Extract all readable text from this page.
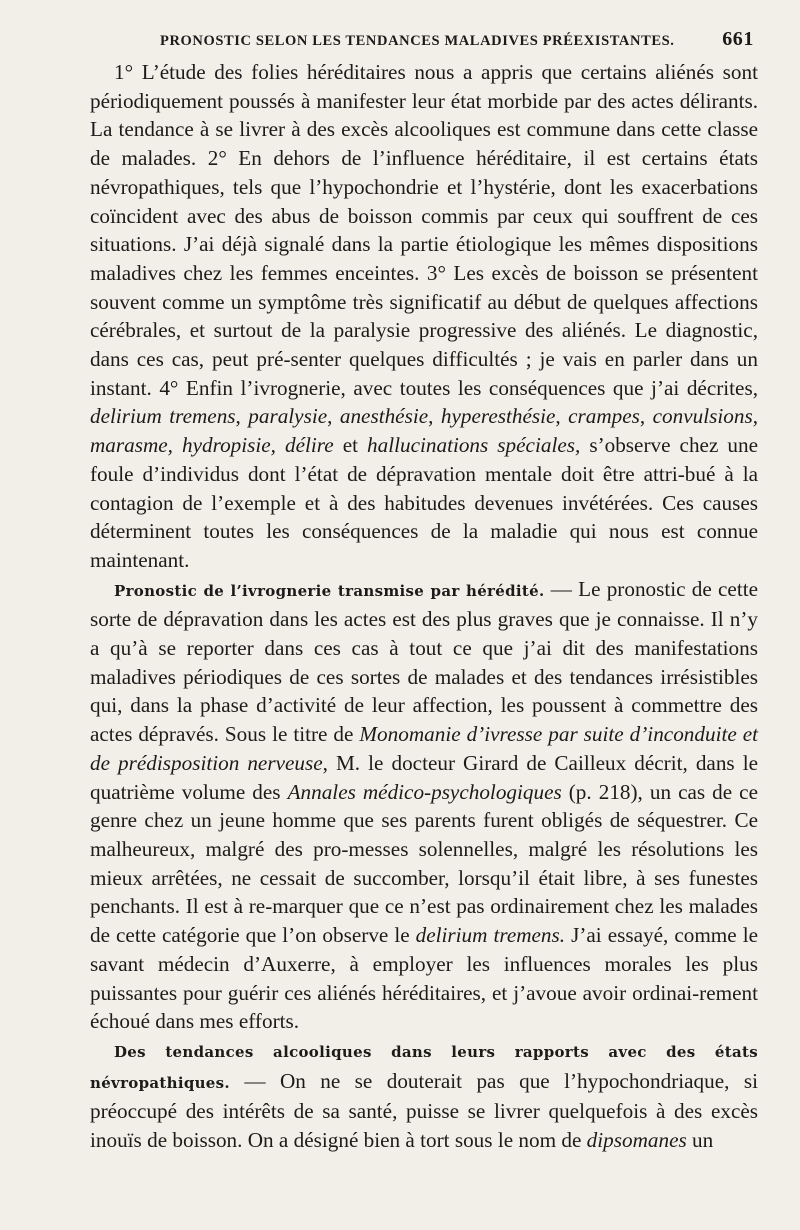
PRONOSTIC SELON LES TENDANCES MALADIVES PRÉEXISTANTES. 661

1° L’étude des folies héréditaires nous a appris que certains aliénés sont périodiquement poussés à manifester leur état morbide par des actes délirants. La tendance à se livrer à des excès alcooliques est commune dans cette classe de malades. 2° En dehors de l’influence héréditaire, il est certains états névropathiques, tels que l’hypochondrie et l’hystérie, dont les exacerbations coïncident avec des abus de boisson commis par ceux qui souffrent de ces situations. J’ai déjà signalé dans la partie étiologique les mêmes dispositions maladives chez les femmes enceintes. 3° Les excès de boisson se présentent souvent comme un symptôme très significatif au début de quelques affections cérébrales, et surtout de la paralysie progressive des aliénés. Le diagnostic, dans ces cas, peut pré-senter quelques difficultés ; je vais en parler dans un instant. 4° Enfin l’ivrognerie, avec toutes les conséquences que j’ai décrites, delirium tremens, paralysie, anesthésie, hyperesthésie, crampes, convulsions, marasme, hydropisie, délire et hallucinations spéciales, s’observe chez une foule d’individus dont l’état de dépravation mentale doit être attri-bué à la contagion de l’exemple et à des habitudes devenues invétérées. Ces causes déterminent toutes les conséquences de la maladie qui nous est connue maintenant.

Pronostic de l’ivrognerie transmise par hérédité. — Le pronostic de cette sorte de dépravation dans les actes est des plus graves que je connaisse. Il n’y a qu’à se reporter dans ces cas à tout ce que j’ai dit des manifestations maladives périodiques de ces sortes de malades et des tendances irrésistibles qui, dans la phase d’activité de leur affection, les poussent à commettre des actes dépravés. Sous le titre de Monomanie d’ivresse par suite d’inconduite et de prédisposition nerveuse, M. le docteur Girard de Cailleux décrit, dans le quatrième volume des Annales médico-psychologiques (p. 218), un cas de ce genre chez un jeune homme que ses parents furent obligés de séquestrer. Ce malheureux, malgré des pro-messes solennelles, malgré les résolutions les mieux arrêtées, ne cessait de succomber, lorsqu’il était libre, à ses funestes penchants. Il est à re-marquer que ce n’est pas ordinairement chez les malades de cette catégorie que l’on observe le delirium tremens. J’ai essayé, comme le savant médecin d’Auxerre, à employer les influences morales les plus puissantes pour guérir ces aliénés héréditaires, et j’avoue avoir ordinai-rement échoué dans mes efforts.

Des tendances alcooliques dans leurs rapports avec des états névropathiques. — On ne se douterait pas que l’hypochondriaque, si préoccupé des intérêts de sa santé, puisse se livrer quelquefois à des excès inouïs de boisson. On a désigné bien à tort sous le nom de dipsomanes un
